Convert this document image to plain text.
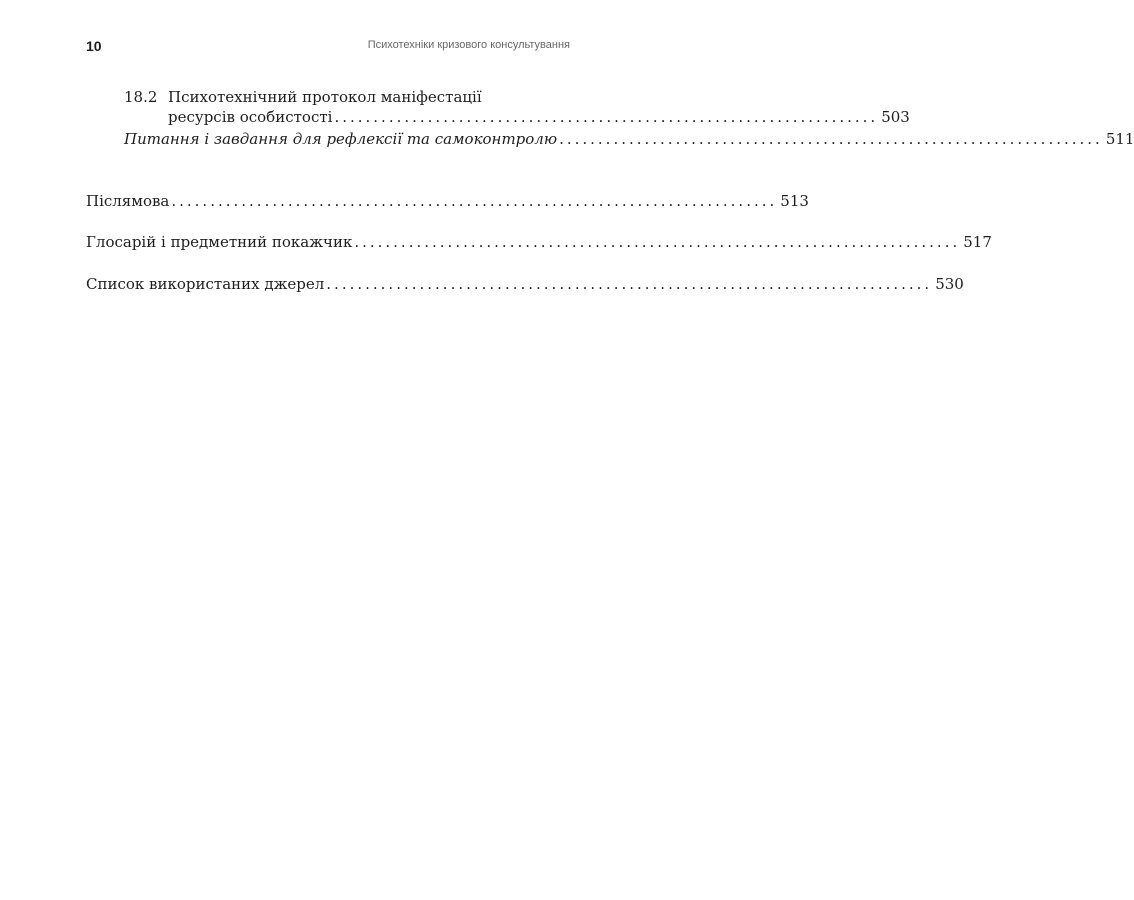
10	Психотехніки кризового консультування
18.2 Психотехнічний протокол маніфестації
ресурсів особистості ...................................................................... 503
Питання і завдання для рефлексії та самоконтролю ...................................................................... 511
Післямова .............................................................................. 513
Глосарій і предметний покажчик .............................................................................. 517
Список використаних джерел .............................................................................. 530
